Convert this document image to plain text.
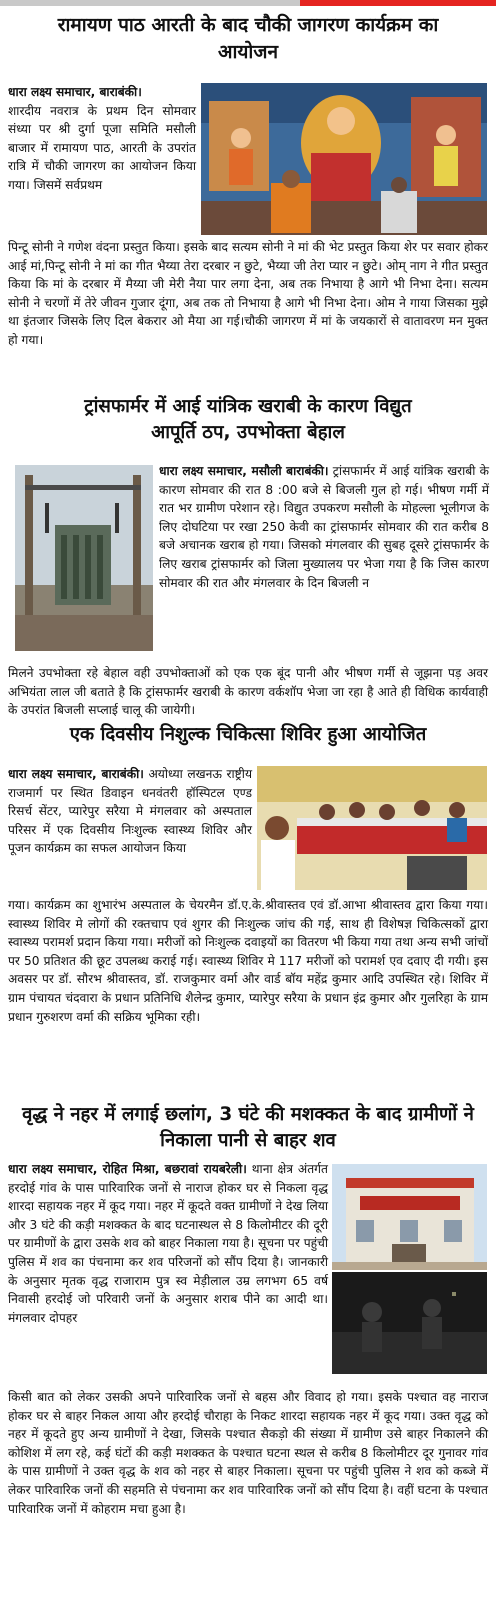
रामायण पाठ आरती के बाद चौकी जागरण कार्यक्रम का आयोजन

धारा लक्ष्य समाचार, बाराबंकी।
शारदीय नवरात्र के प्रथम दिन सोमवार संध्या पर श्री दुर्गा पूजा समिति मसौली बाजार में रामायण पाठ, आरती के उपरांत रात्रि में चौकी जागरण का आयोजन किया गया। जिसमें सर्वप्रथम

पिन्टू सोनी ने गणेश वंदना प्रस्तुत किया। इसके बाद सत्यम सोनी ने मां की भेट प्रस्तुत किया शेर पर सवार होकर आई मां,पिन्टू सोनी ने मां का गीत भैय्या तेरा दरबार न छुटे, भैय्या जी तेरा प्यार न छुटे। ओम् नाग ने गीत प्रस्तुत किया कि मां के दरबार में मैय्या जी मेरी नैया पार लगा देना, अब तक निभाया है आगे भी निभा देना। सत्यम सोनी ने चरणों में तेरे जीवन गुजार दूंगा, अब तक तो निभाया है आगे भी निभा देना। ओम ने गाया जिसका मुझे था इंतजार जिसके लिए दिल बेकरार ओ मैया आ गई।चौकी जागरण में मां के जयकारों से वातावरण मन मुक्त हो गया।

ट्रांसफार्मर में आई यांत्रिक खराबी के कारण विद्युत आपूर्ति ठप, उपभोक्ता बेहाल

धारा लक्ष्य समाचार, मसौली बाराबंकी। ट्रांसफार्मर में आई यांत्रिक खराबी के कारण सोमवार की रात 8 :00 बजे से बिजली गुल हो गई। भीषण गर्मी में रात भर ग्रामीण परेशान रहे। विद्युत उपकरण मसौली के मोहल्ला भूलीगज के लिए दोघटिया पर रखा 250 केवी का ट्रांसफार्मर सोमवार की रात करीब 8 बजे अचानक खराब हो गया। जिसको मंगलवार की सुबह दूसरे ट्रांसफार्मर के लिए खराब ट्रांसफार्मर को जिला मुख्यालय पर भेजा गया है कि जिस कारण सोमवार की रात और मंगलवार के दिन बिजली न

मिलने उपभोक्ता रहे बेहाल वही उपभोक्ताओं को एक एक बूंद पानी और भीषण गर्मी से जूझना पड़ अवर अभियंता लाल जी बताते है कि ट्रांसफार्मर खराबी के कारण वर्कशॉप भेजा जा रहा है आते ही विधिक कार्यवाही के उपरांत बिजली सप्लाई चालू की जायेगी।

एक दिवसीय निशुल्क चिकित्सा शिविर हुआ आयोजित

धारा लक्ष्य समाचार, बाराबंकी। अयोध्या लखनऊ राष्ट्रीय राजमार्ग पर स्थित डिवाइन धनवंतरी हॉस्पिटल एण्ड रिसर्च सेंटर, प्यारेपुर सरैया मे मंगलवार को अस्पताल परिसर में एक दिवसीय निःशुल्क स्वास्थ्य शिविर और पूजन कार्यक्रम का सफल आयोजन किया

गया। कार्यक्रम का शुभारंभ अस्पताल के चेयरमैन डॉ.ए.के.श्रीवास्तव एवं डॉ.आभा श्रीवास्तव द्वारा किया गया। स्वास्थ्य शिविर मे लोगों की रक्तचाप एवं शुगर की निःशुल्क जांच की गई, साथ ही विशेषज्ञ चिकित्सकों द्वारा स्वास्थ्य परामर्श प्रदान किया गया। मरीजों को निःशुल्क दवाइयों का वितरण भी किया गया तथा अन्य सभी जांचों पर 50 प्रतिशत की छूट उपलब्ध कराई गई। स्वास्थ्य शिविर मे 117 मरीजों को परामर्श एव दवाए दी गयी। इस अवसर पर डॉ. सौरभ श्रीवास्तव, डॉ. राजकुमार वर्मा और वार्ड बॉय महेंद्र कुमार आदि उपस्थित रहे। शिविर में ग्राम पंचायत चंदवारा के प्रधान प्रतिनिधि शैलेन्द्र कुमार, प्यारेपुर सरैया के प्रधान इंद्र कुमार और गुलरिहा के ग्राम प्रधान गुरुशरण वर्मा की सक्रिय भूमिका रही।

वृद्ध ने नहर में लगाई छलांग, 3 घंटे की मशक्कत के बाद ग्रामीणों ने निकाला पानी से बाहर शव

धारा लक्ष्य समाचार, रोहित मिश्रा, बछरावां रायबरेली। थाना क्षेत्र अंतर्गत हरदोई गांव के पास पारिवारिक जनों से नाराज होकर घर से निकला वृद्ध शारदा सहायक नहर में कूद गया। नहर में कूदते वक्त ग्रामीणों ने देख लिया और 3 घंटे की कड़ी मशक्कत के बाद घटनास्थल से 8 किलोमीटर की दूरी पर ग्रामीणों के द्वारा उसके शव को बाहर निकाला गया है। सूचना पर पहुंची पुलिस में शव का पंचनामा कर शव परिजनों को सौंप दिया है। जानकारी के अनुसार मृतक वृद्ध राजाराम पुत्र स्व मेड़ीलाल उम्र लगभग 65 वर्ष निवासी हरदोई जो परिवारी जनों के अनुसार शराब पीने का आदी था।मंगलवार दोपहर

किसी बात को लेकर उसकी अपने पारिवारिक जनों से बहस और विवाद हो गया। इसके पश्चात वह नाराज होकर घर से बाहर निकल आया और हरदोई चौराहा के निकट शारदा सहायक नहर में कूद गया। उक्त वृद्ध को नहर में कूदते हुए अन्य ग्रामीणों ने देखा, जिसके पश्चात सैकड़ो की संख्या में ग्रामीण उसे बाहर निकालने की कोशिश में लग रहे, कई घंटों की कड़ी मशक्कत के पश्चात घटना स्थल से करीब 8 किलोमीटर दूर गुनावर गांव के पास ग्रामीणों ने उक्त वृद्ध के शव को नहर से बाहर निकाला। सूचना पर पहुंची पुलिस ने शव को कब्जे में लेकर पारिवारिक जनों की सहमति से पंचनामा कर शव पारिवारिक जनों को सौंप दिया है। वहीं घटना के पश्चात पारिवारिक जनों में कोहराम मचा हुआ है।
